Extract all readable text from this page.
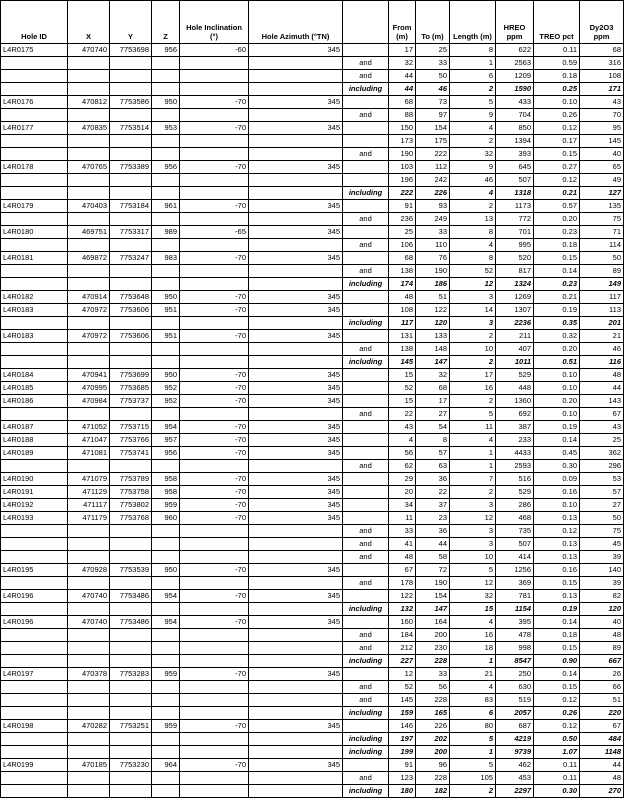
Hole ID	X	Y	Z	Hole Inclination (°)	Hole Azimuth (°TN)		From (m)	To (m)	Length (m)	HREO ppm	TREO pct	Dy2O3 ppm
L4R0175	470740	7753698	956	-60	345		17	25	8	622	0.11	68
						and	32	33	1	2563	0.59	316
						and	44	50	6	1209	0.18	108
						including	44	46	2	1590	0.25	171
L4R0176	470812	7753586	950	-70	345		68	73	5	433	0.10	43
						and	88	97	9	704	0.26	70
L4R0177	470835	7753514	953	-70	345		150	154	4	850	0.12	95
							173	175	2	1394	0.17	145
						and	190	222	32	393	0.15	40
L4R0178	470765	7753389	956	-70	345		103	112	9	645	0.27	65
							196	242	46	507	0.12	49
						including	222	226	4	1318	0.21	127
L4R0179	470403	7753184	961	-70	345		91	93	2	1173	0.57	135
						and	236	249	13	772	0.20	75
L4R0180	469751	7753317	989	-65	345		25	33	8	701	0.23	71
						and	106	110	4	995	0.18	114
L4R0181	469872	7753247	983	-70	345		68	76	8	520	0.15	50
						and	138	190	52	817	0.14	89
						including	174	186	12	1324	0.23	149
L4R0182	470914	7753648	950	-70	345		48	51	3	1269	0.21	117
L4R0183	470972	7753606	951	-70	345		108	122	14	1307	0.19	113
						including	117	120	3	2236	0.35	201
L4R0183	470972	7753606	951	-70	345		131	133	2	211	0.32	21
						and	138	148	10	407	0.20	46
						including	145	147	2	1011	0.51	116
L4R0184	470941	7753699	950	-70	345		15	32	17	529	0.10	48
L4R0185	470995	7753685	952	-70	345		52	68	16	448	0.10	44
L4R0186	470984	7753737	952	-70	345		15	17	2	1360	0.20	143
						and	22	27	5	692	0.10	67
L4R0187	471052	7753715	954	-70	345		43	54	11	387	0.19	43
L4R0188	471047	7753766	957	-70	345		4	8	4	233	0.14	25
L4R0189	471081	7753741	956	-70	345		56	57	1	4433	0.45	362
						and	62	63	1	2593	0.30	296
L4R0190	471079	7753789	958	-70	345		29	36	7	516	0.09	53
L4R0191	471129	7753758	958	-70	345		20	22	2	529	0.16	57
L4R0192	471117	7753802	959	-70	345		34	37	3	286	0.10	27
L4R0193	471179	7753768	960	-70	345		11	23	12	468	0.13	50
						and	33	36	3	735	0.12	75
						and	41	44	3	507	0.13	45
						and	48	58	10	414	0.13	39
L4R0195	470928	7753539	950	-70	345		67	72	5	1256	0.16	140
						and	178	190	12	369	0.15	39
L4R0196	470740	7753486	954	-70	345		122	154	32	781	0.13	82
						including	132	147	15	1154	0.19	120
L4R0196	470740	7753486	954	-70	345		160	164	4	395	0.14	40
						and	184	200	16	478	0.18	48
						and	212	230	18	998	0.15	89
						including	227	228	1	8547	0.90	667
L4R0197	470378	7753283	959	-70	345		12	33	21	250	0.14	26
						and	52	56	4	630	0.15	66
						and	145	228	83	519	0.12	51
						including	159	165	6	2057	0.26	220
L4R0198	470282	7753251	959	-70	345		146	226	80	687	0.12	67
						including	197	202	5	4219	0.50	484
						including	199	200	1	9739	1.07	1148
L4R0199	470185	7753230	964	-70	345		91	96	5	462	0.11	44
						and	123	228	105	453	0.11	48
						including	180	182	2	2297	0.30	270
